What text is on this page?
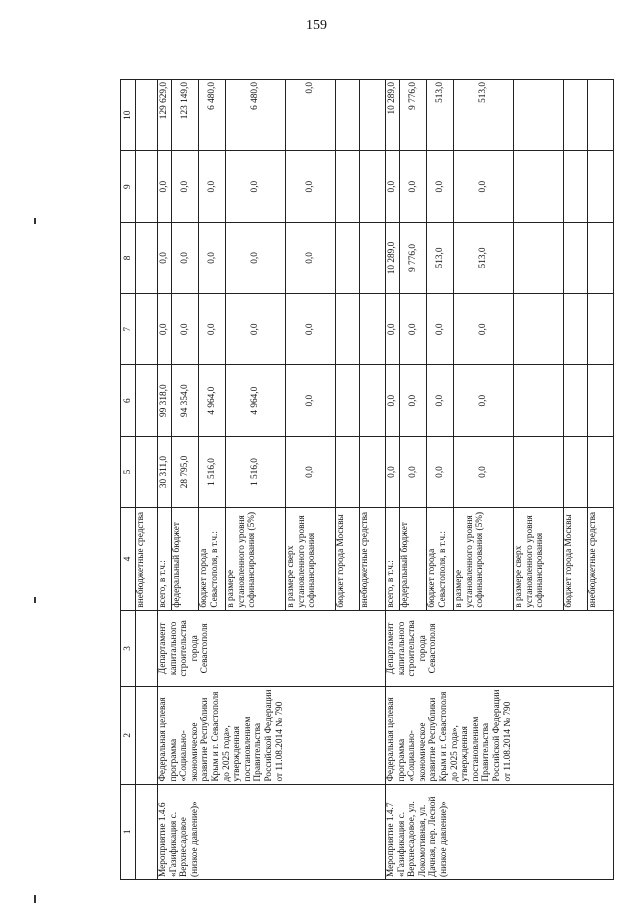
159
1	2	3	4	5	6	7	8	9	10
			внебюджетные средства						
Мероприятие 1.4.6 «Газификация с. Верхнесадовое (низкое давление)»	Федеральная целевая программа «Социально-экономическое развитие Республики Крым и г. Севастополя до 2025 года», утвержденная постановлением Правительства Российской Федерации от 11.08.2014 № 790	Департамент капитального строительства города Севастополя	всего, в т.ч.:	30 311,0	99 318,0	0,0	0,0	0,0	129 629,0
			федеральный бюджет	28 795,0	94 354,0	0,0	0,0	0,0	123 149,0
			бюджет города Севастополя, в т.ч.:	1 516,0	4 964,0	0,0	0,0	0,0	6 480,0
			в размере установленного уровня софинансирования (5%)	1 516,0	4 964,0	0,0	0,0	0,0	6 480,0
			в размере сверх установленного уровня софинансирования	0,0	0,0	0,0	0,0	0,0	0,0
			бюджет города Москвы						
			внебюджетные средства						
Мероприятие 1.4.7 «Газификация с. Верхнесадовое, ул. Локомотивная, ул. Дачная, пер. Лесной (низкое давление)»	Федеральная целевая программа «Социально-экономическое развитие Республики Крым и г. Севастополя до 2025 года», утвержденная постановлением Правительства Российской Федерации от 11.08.2014 № 790	Департамент капитального строительства города Севастополя	всего, в т.ч.:	0,0	0,0	0,0	10 289,0	0,0	10 289,0
			федеральный бюджет	0,0	0,0	0,0	9 776,0	0,0	9 776,0
			бюджет города Севастополя, в т.ч.:	0,0	0,0	0,0	513,0	0,0	513,0
			в размере установленного уровня софинансирования (5%)	0,0	0,0	0,0	513,0	0,0	513,0
			в размере сверх установленного уровня софинансирования						
			бюджет города Москвы						
			внебюджетные средства						
